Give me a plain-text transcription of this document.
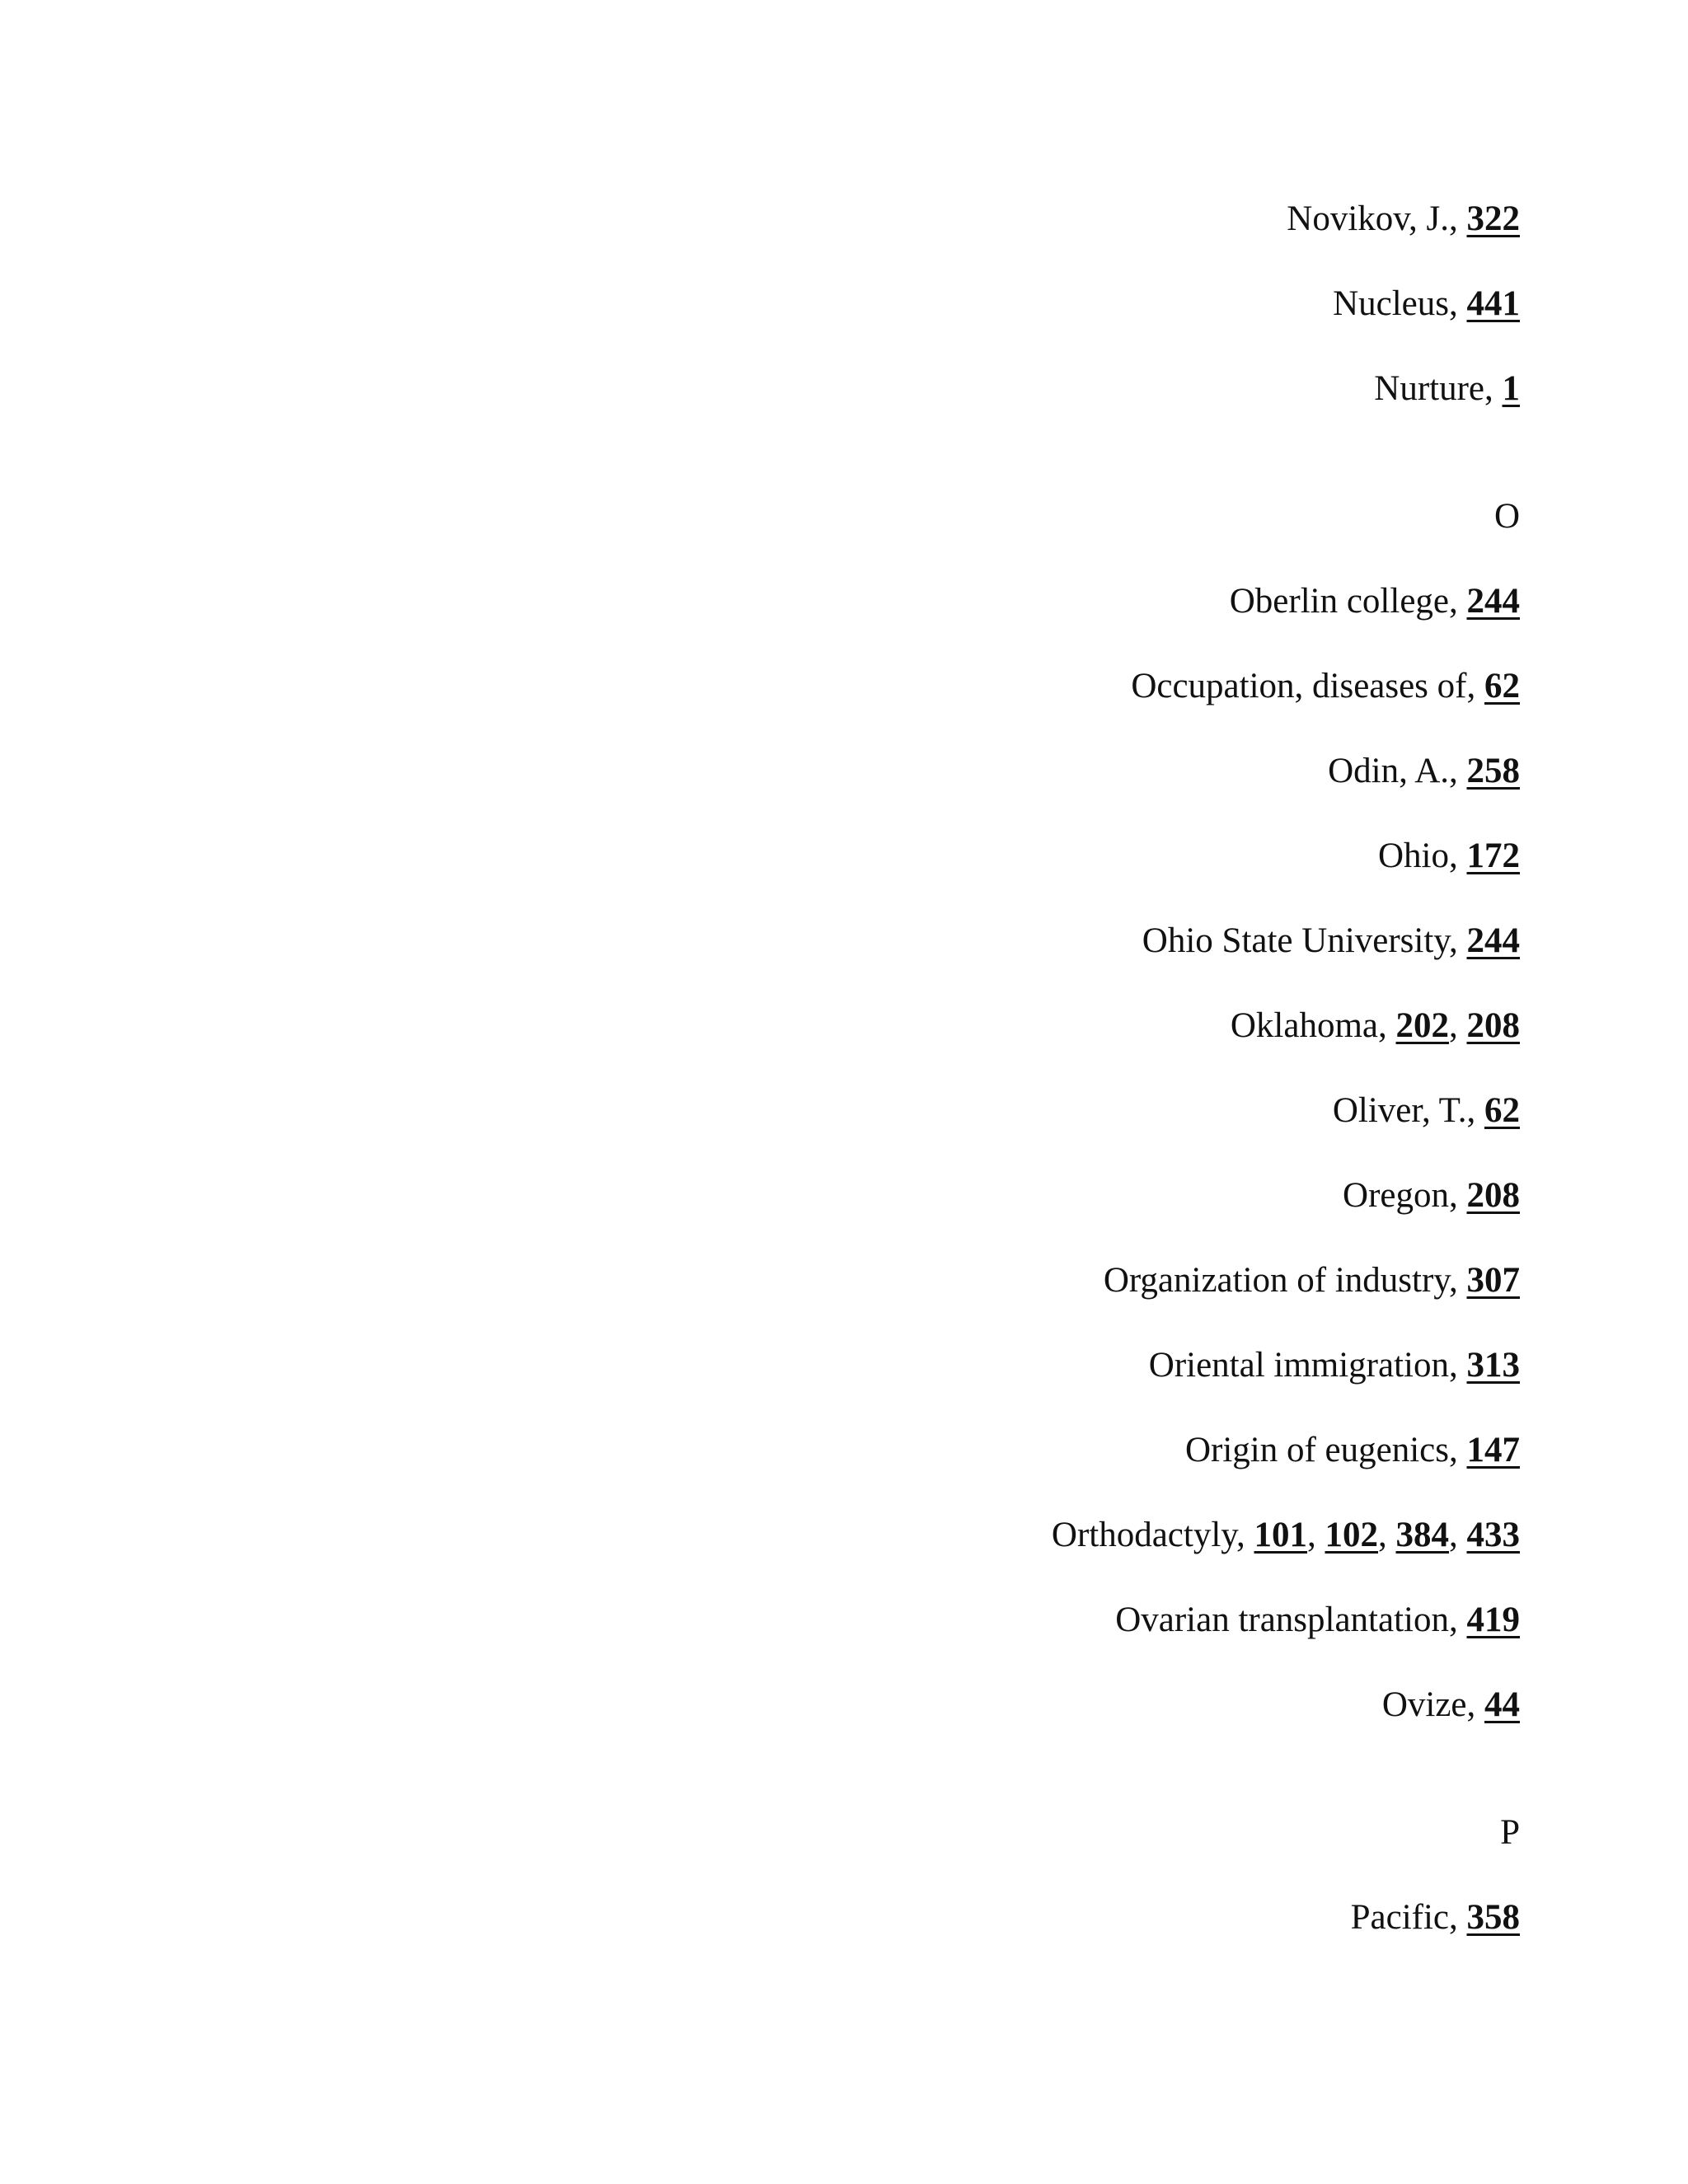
Novikov, J., 322
Nucleus, 441
Nurture, 1
O
Oberlin college, 244
Occupation, diseases of, 62
Odin, A., 258
Ohio, 172
Ohio State University, 244
Oklahoma, 202, 208
Oliver, T., 62
Oregon, 208
Organization of industry, 307
Oriental immigration, 313
Origin of eugenics, 147
Orthodactyly, 101, 102, 384, 433
Ovarian transplantation, 419
Ovize, 44
P
Pacific, 358
